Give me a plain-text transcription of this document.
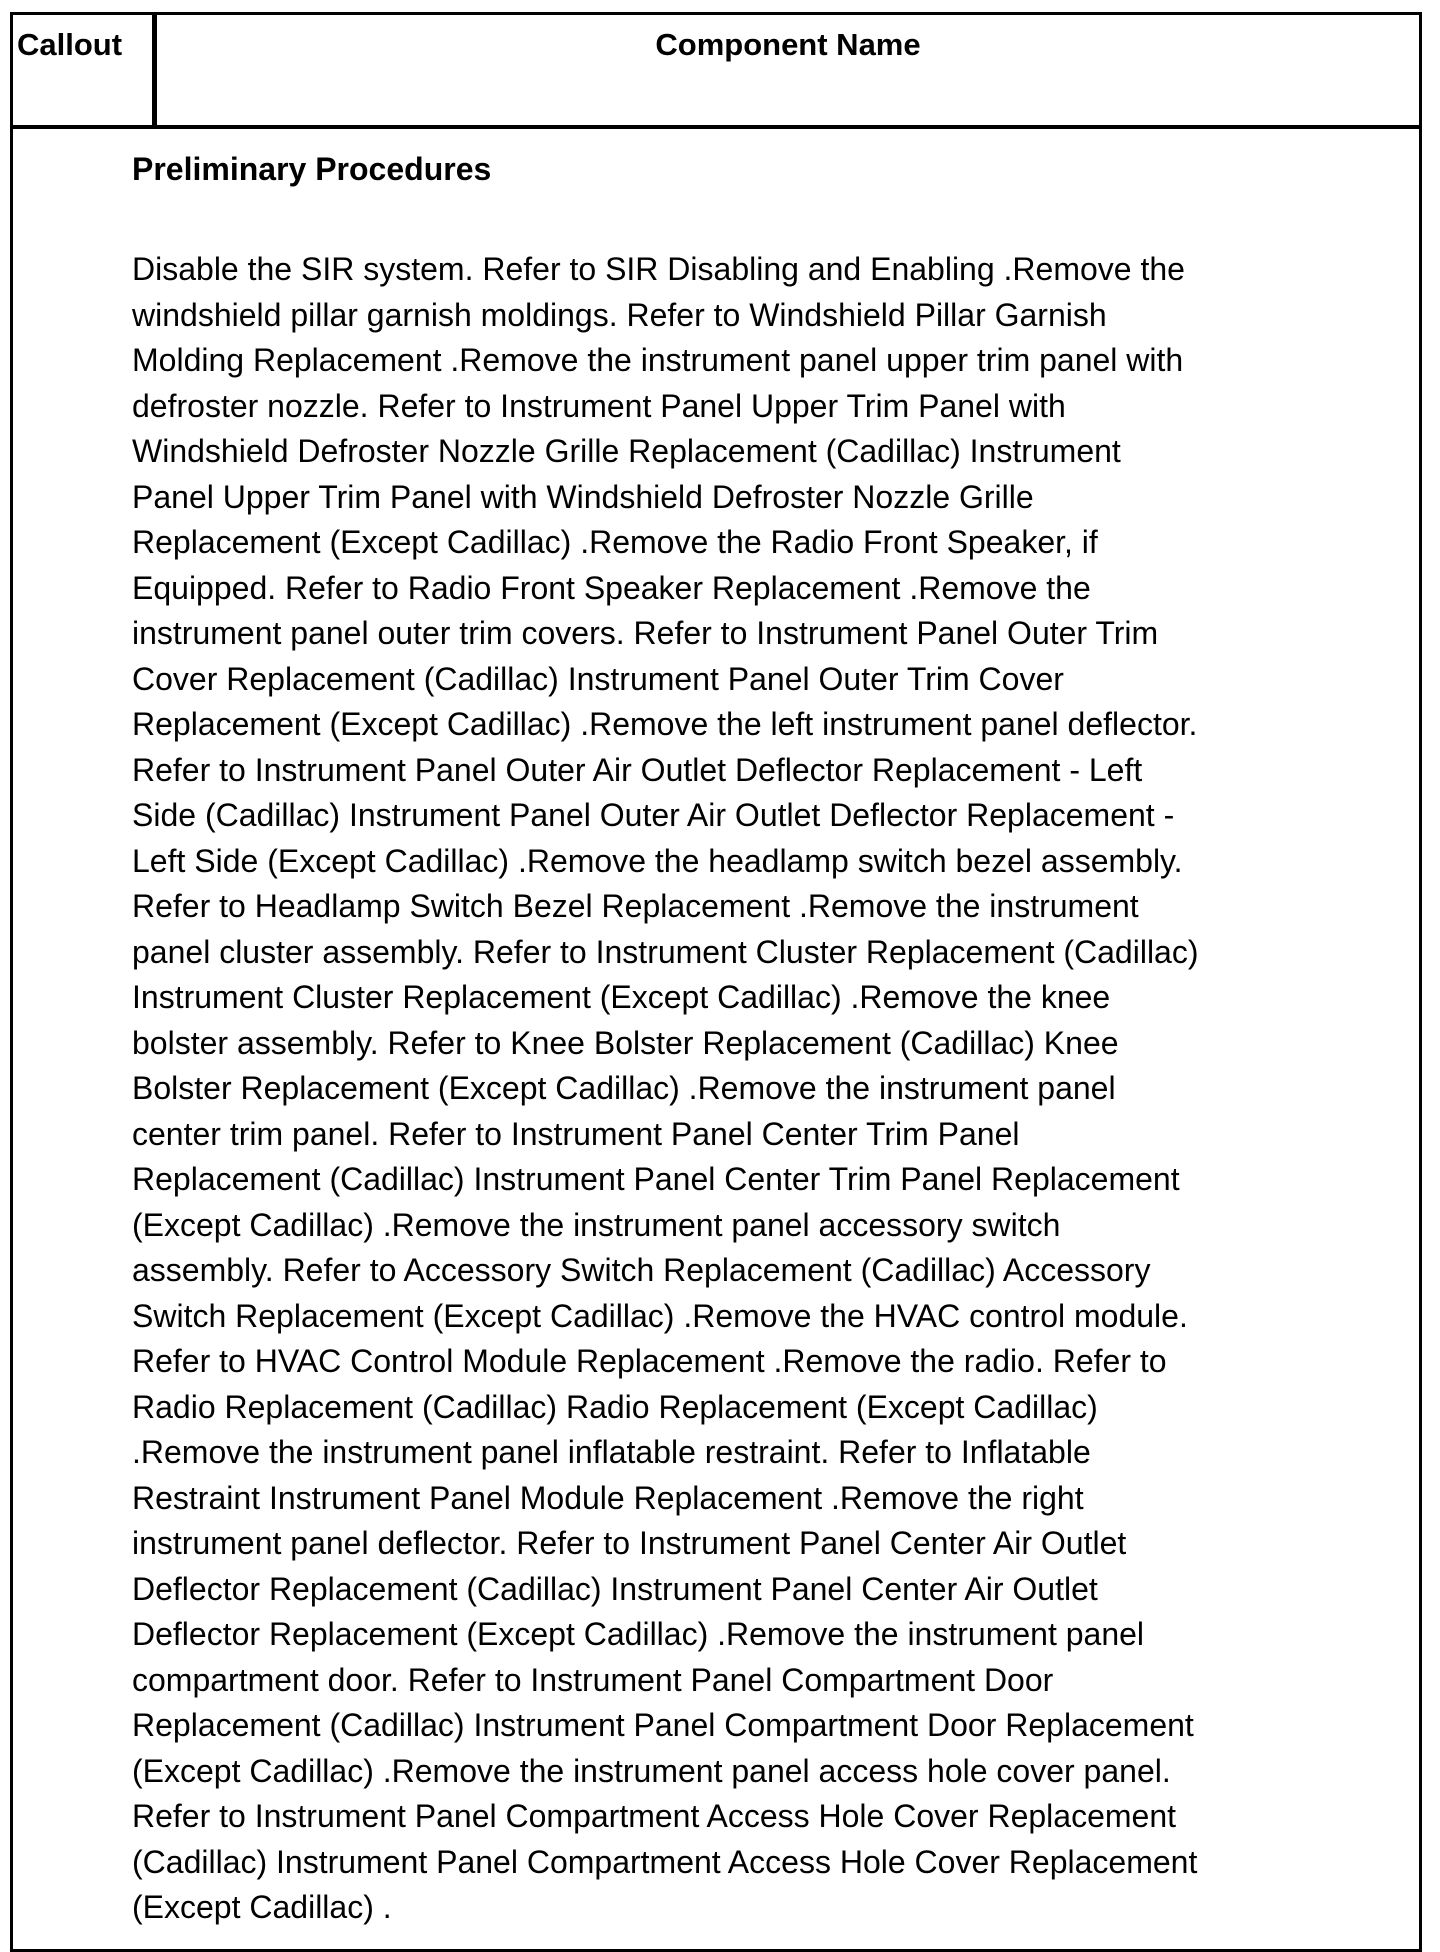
Callout	Component Name
Preliminary Procedures
Disable the SIR system. Refer to SIR Disabling and Enabling .Remove the
windshield pillar garnish moldings. Refer to Windshield Pillar Garnish
Molding Replacement .Remove the instrument panel upper trim panel with
defroster nozzle. Refer to Instrument Panel Upper Trim Panel with
Windshield Defroster Nozzle Grille Replacement (Cadillac) Instrument
Panel Upper Trim Panel with Windshield Defroster Nozzle Grille
Replacement (Except Cadillac) .Remove the Radio Front Speaker, if
Equipped. Refer to Radio Front Speaker Replacement .Remove the
instrument panel outer trim covers. Refer to Instrument Panel Outer Trim
Cover Replacement (Cadillac) Instrument Panel Outer Trim Cover
Replacement (Except Cadillac) .Remove the left instrument panel deflector.
Refer to Instrument Panel Outer Air Outlet Deflector Replacement - Left
Side (Cadillac) Instrument Panel Outer Air Outlet Deflector Replacement -
Left Side (Except Cadillac) .Remove the headlamp switch bezel assembly.
Refer to Headlamp Switch Bezel Replacement .Remove the instrument
panel cluster assembly. Refer to Instrument Cluster Replacement (Cadillac)
Instrument Cluster Replacement (Except Cadillac) .Remove the knee
bolster assembly. Refer to Knee Bolster Replacement (Cadillac) Knee
Bolster Replacement (Except Cadillac) .Remove the instrument panel
center trim panel. Refer to Instrument Panel Center Trim Panel
Replacement (Cadillac) Instrument Panel Center Trim Panel Replacement
(Except Cadillac) .Remove the instrument panel accessory switch
assembly. Refer to Accessory Switch Replacement (Cadillac) Accessory
Switch Replacement (Except Cadillac) .Remove the HVAC control module.
Refer to HVAC Control Module Replacement .Remove the radio. Refer to
Radio Replacement (Cadillac) Radio Replacement (Except Cadillac)
.Remove the instrument panel inflatable restraint. Refer to Inflatable
Restraint Instrument Panel Module Replacement .Remove the right
instrument panel deflector. Refer to Instrument Panel Center Air Outlet
Deflector Replacement (Cadillac) Instrument Panel Center Air Outlet
Deflector Replacement (Except Cadillac) .Remove the instrument panel
compartment door. Refer to Instrument Panel Compartment Door
Replacement (Cadillac) Instrument Panel Compartment Door Replacement
(Except Cadillac) .Remove the instrument panel access hole cover panel.
Refer to Instrument Panel Compartment Access Hole Cover Replacement
(Cadillac) Instrument Panel Compartment Access Hole Cover Replacement
(Except Cadillac) .
